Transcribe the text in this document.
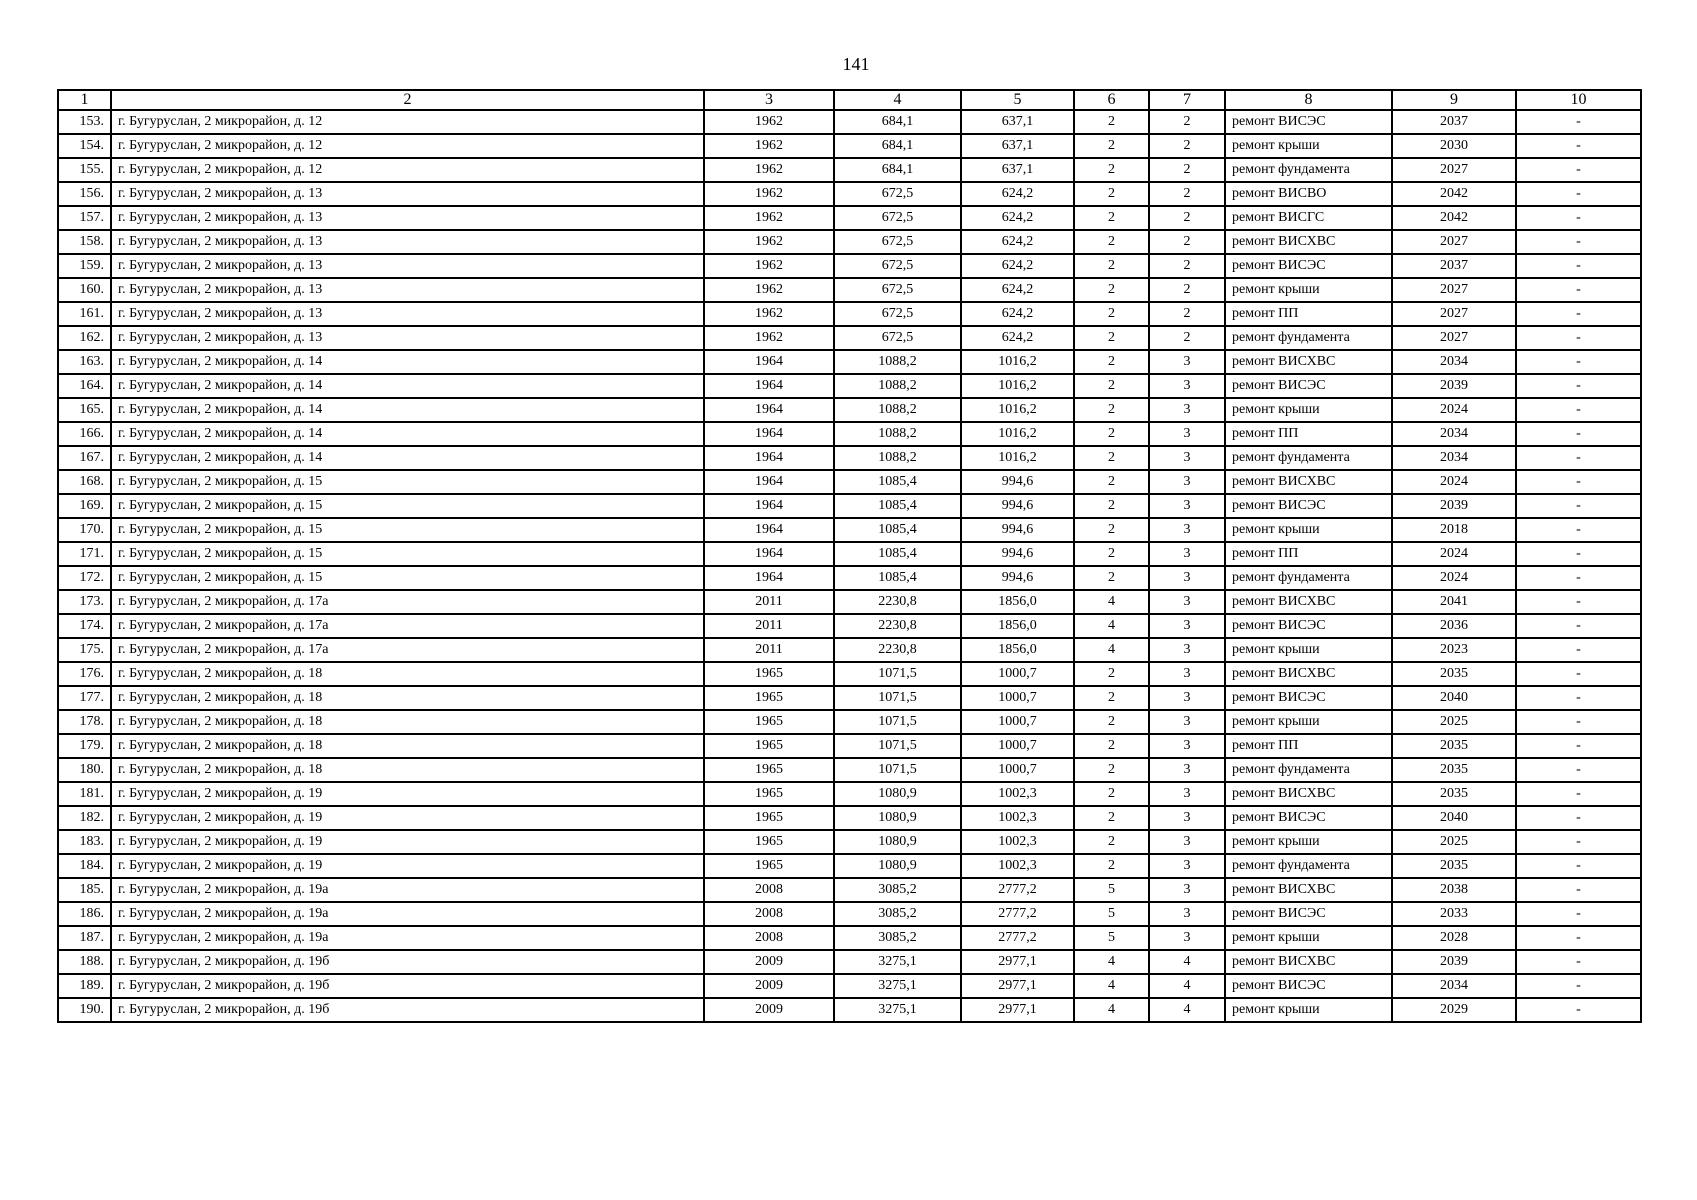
141
1	2	3	4	5	6	7	8	9	10
153.	г. Бугуруслан, 2 микрорайон, д. 12	1962	684,1	637,1	2	2	ремонт ВИСЭС	2037	-
154.	г. Бугуруслан, 2 микрорайон, д. 12	1962	684,1	637,1	2	2	ремонт крыши	2030	-
155.	г. Бугуруслан, 2 микрорайон, д. 12	1962	684,1	637,1	2	2	ремонт фундамента	2027	-
156.	г. Бугуруслан, 2 микрорайон, д. 13	1962	672,5	624,2	2	2	ремонт ВИСВО	2042	-
157.	г. Бугуруслан, 2 микрорайон, д. 13	1962	672,5	624,2	2	2	ремонт ВИСГС	2042	-
158.	г. Бугуруслан, 2 микрорайон, д. 13	1962	672,5	624,2	2	2	ремонт ВИСХВС	2027	-
159.	г. Бугуруслан, 2 микрорайон, д. 13	1962	672,5	624,2	2	2	ремонт ВИСЭС	2037	-
160.	г. Бугуруслан, 2 микрорайон, д. 13	1962	672,5	624,2	2	2	ремонт крыши	2027	-
161.	г. Бугуруслан, 2 микрорайон, д. 13	1962	672,5	624,2	2	2	ремонт ПП	2027	-
162.	г. Бугуруслан, 2 микрорайон, д. 13	1962	672,5	624,2	2	2	ремонт фундамента	2027	-
163.	г. Бугуруслан, 2 микрорайон, д. 14	1964	1088,2	1016,2	2	3	ремонт ВИСХВС	2034	-
164.	г. Бугуруслан, 2 микрорайон, д. 14	1964	1088,2	1016,2	2	3	ремонт ВИСЭС	2039	-
165.	г. Бугуруслан, 2 микрорайон, д. 14	1964	1088,2	1016,2	2	3	ремонт крыши	2024	-
166.	г. Бугуруслан, 2 микрорайон, д. 14	1964	1088,2	1016,2	2	3	ремонт ПП	2034	-
167.	г. Бугуруслан, 2 микрорайон, д. 14	1964	1088,2	1016,2	2	3	ремонт фундамента	2034	-
168.	г. Бугуруслан, 2 микрорайон, д. 15	1964	1085,4	994,6	2	3	ремонт ВИСХВС	2024	-
169.	г. Бугуруслан, 2 микрорайон, д. 15	1964	1085,4	994,6	2	3	ремонт ВИСЭС	2039	-
170.	г. Бугуруслан, 2 микрорайон, д. 15	1964	1085,4	994,6	2	3	ремонт крыши	2018	-
171.	г. Бугуруслан, 2 микрорайон, д. 15	1964	1085,4	994,6	2	3	ремонт ПП	2024	-
172.	г. Бугуруслан, 2 микрорайон, д. 15	1964	1085,4	994,6	2	3	ремонт фундамента	2024	-
173.	г. Бугуруслан, 2 микрорайон, д. 17а	2011	2230,8	1856,0	4	3	ремонт ВИСХВС	2041	-
174.	г. Бугуруслан, 2 микрорайон, д. 17а	2011	2230,8	1856,0	4	3	ремонт ВИСЭС	2036	-
175.	г. Бугуруслан, 2 микрорайон, д. 17а	2011	2230,8	1856,0	4	3	ремонт крыши	2023	-
176.	г. Бугуруслан, 2 микрорайон, д. 18	1965	1071,5	1000,7	2	3	ремонт ВИСХВС	2035	-
177.	г. Бугуруслан, 2 микрорайон, д. 18	1965	1071,5	1000,7	2	3	ремонт ВИСЭС	2040	-
178.	г. Бугуруслан, 2 микрорайон, д. 18	1965	1071,5	1000,7	2	3	ремонт крыши	2025	-
179.	г. Бугуруслан, 2 микрорайон, д. 18	1965	1071,5	1000,7	2	3	ремонт ПП	2035	-
180.	г. Бугуруслан, 2 микрорайон, д. 18	1965	1071,5	1000,7	2	3	ремонт фундамента	2035	-
181.	г. Бугуруслан, 2 микрорайон, д. 19	1965	1080,9	1002,3	2	3	ремонт ВИСХВС	2035	-
182.	г. Бугуруслан, 2 микрорайон, д. 19	1965	1080,9	1002,3	2	3	ремонт ВИСЭС	2040	-
183.	г. Бугуруслан, 2 микрорайон, д. 19	1965	1080,9	1002,3	2	3	ремонт крыши	2025	-
184.	г. Бугуруслан, 2 микрорайон, д. 19	1965	1080,9	1002,3	2	3	ремонт фундамента	2035	-
185.	г. Бугуруслан, 2 микрорайон, д. 19а	2008	3085,2	2777,2	5	3	ремонт ВИСХВС	2038	-
186.	г. Бугуруслан, 2 микрорайон, д. 19а	2008	3085,2	2777,2	5	3	ремонт ВИСЭС	2033	-
187.	г. Бугуруслан, 2 микрорайон, д. 19а	2008	3085,2	2777,2	5	3	ремонт крыши	2028	-
188.	г. Бугуруслан, 2 микрорайон, д. 19б	2009	3275,1	2977,1	4	4	ремонт ВИСХВС	2039	-
189.	г. Бугуруслан, 2 микрорайон, д. 19б	2009	3275,1	2977,1	4	4	ремонт ВИСЭС	2034	-
190.	г. Бугуруслан, 2 микрорайон, д. 19б	2009	3275,1	2977,1	4	4	ремонт крыши	2029	-
